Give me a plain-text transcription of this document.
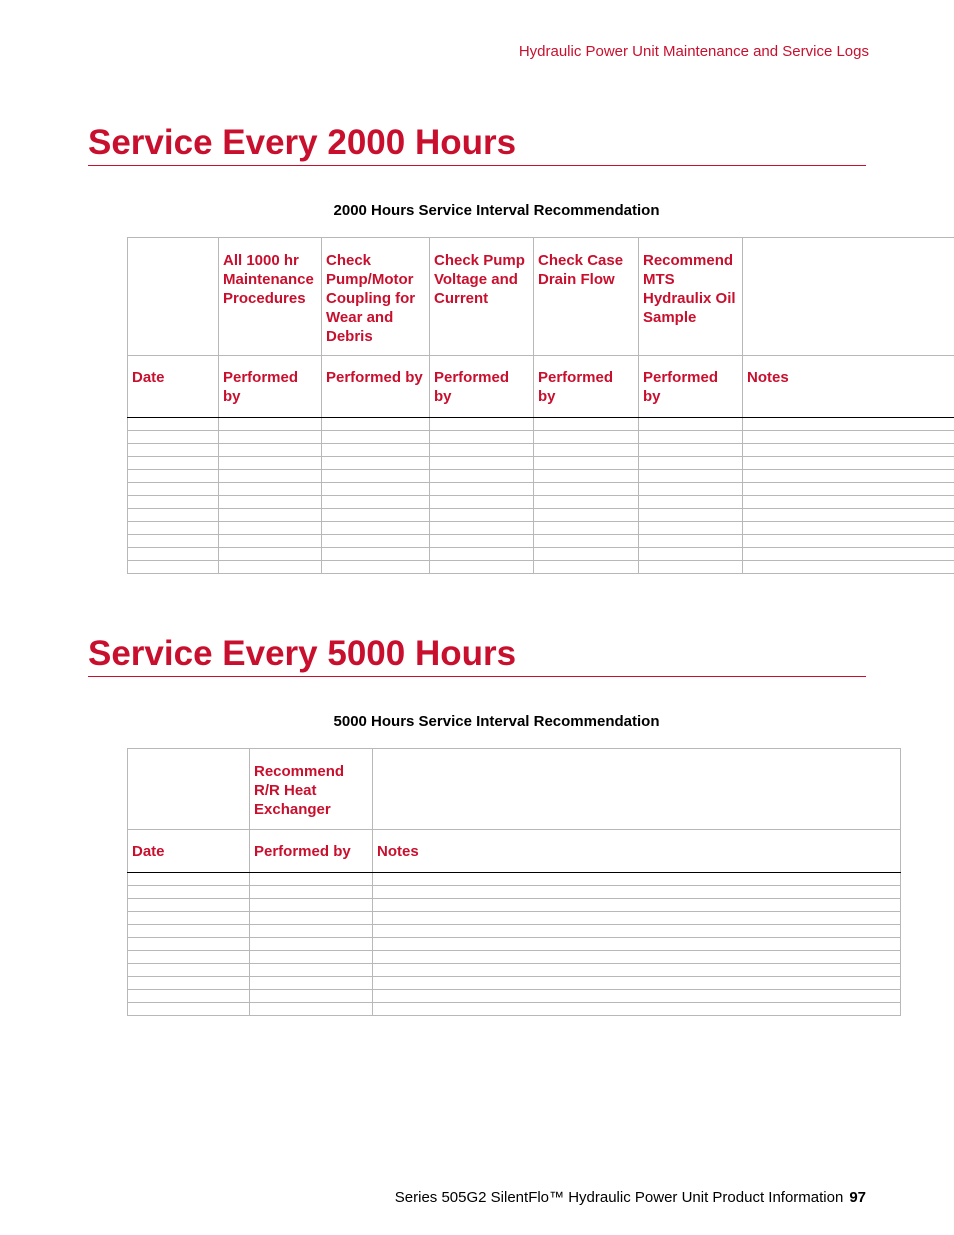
Hydraulic Power Unit Maintenance and Service Logs
Service Every 2000 Hours
2000 Hours Service Interval Recommendation
	All 1000 hr Maintenance Procedures	Check Pump/Motor Coupling for Wear and Debris	Check Pump Voltage and Current	Check Case Drain Flow	Recommend MTS Hydraulix Oil Sample	
Date	Performed by	Performed by	Performed by	Performed by	Performed by	Notes

Service Every 5000 Hours
5000 Hours Service Interval Recommendation
	Recommend R/R Heat Exchanger	
Date	Performed by	Notes

Series 505G2 SilentFlo™ Hydraulic Power Unit Product Information 97
